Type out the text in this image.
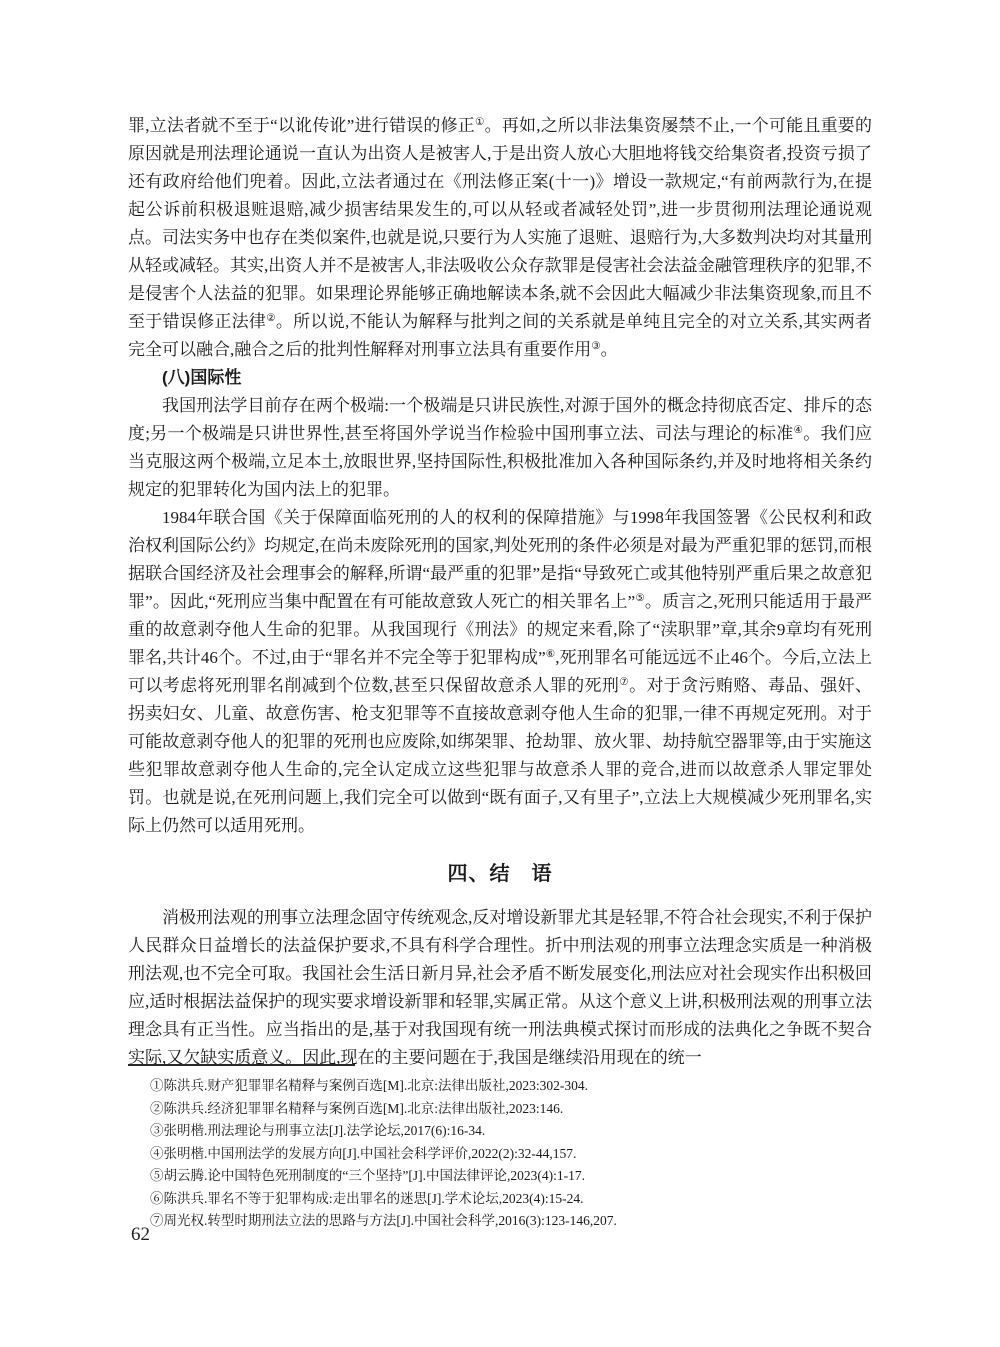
罪,立法者就不至于“以讹传讹”进行错误的修正①。再如,之所以非法集资屡禁不止,一个可能且重要的原因就是刑法理论通说一直认为出资人是被害人,于是出资人放心大胆地将钱交给集资者,投资亏损了还有政府给他们兜着。因此,立法者通过在《刑法修正案(十一)》增设一款规定,“有前两款行为,在提起公诉前积极退赃退赔,减少损害结果发生的,可以从轻或者减轻处罚”,进一步贯彻刑法理论通说观点。司法实务中也存在类似案件,也就是说,只要行为人实施了退赃、退赔行为,大多数判决均对其量刑从轻或减轻。其实,出资人并不是被害人,非法吸收公众存款罪是侵害社会法益金融管理秩序的犯罪,不是侵害个人法益的犯罪。如果理论界能够正确地解读本条,就不会因此大幅减少非法集资现象,而且不至于错误修正法律②。所以说,不能认为解释与批判之间的关系就是单纯且完全的对立关系,其实两者完全可以融合,融合之后的批判性解释对刑事立法具有重要作用③。

(八)国际性

我国刑法学目前存在两个极端:一个极端是只讲民族性,对源于国外的概念持彻底否定、排斥的态度;另一个极端是只讲世界性,甚至将国外学说当作检验中国刑事立法、司法与理论的标准④。我们应当克服这两个极端,立足本土,放眼世界,坚持国际性,积极批准加入各种国际条约,并及时地将相关条约规定的犯罪转化为国内法上的犯罪。

1984年联合国《关于保障面临死刑的人的权利的保障措施》与1998年我国签署《公民权利和政治权利国际公约》均规定,在尚未废除死刑的国家,判处死刑的条件必须是对最为严重犯罪的惩罚,而根据联合国经济及社会理事会的解释,所谓“最严重的犯罪”是指“导致死亡或其他特别严重后果之故意犯罪”。因此,“死刑应当集中配置在有可能故意致人死亡的相关罪名上”⑤。质言之,死刑只能适用于最严重的故意剥夺他人生命的犯罪。从我国现行《刑法》的规定来看,除了“渎职罪”章,其余9章均有死刑罪名,共计46个。不过,由于“罪名并不完全等于犯罪构成”⑥,死刑罪名可能远远不止46个。今后,立法上可以考虑将死刑罪名削减到个位数,甚至只保留故意杀人罪的死刑⑦。对于贪污贿赂、毒品、强奸、拐卖妇女、儿童、故意伤害、枪支犯罪等不直接故意剥夺他人生命的犯罪,一律不再规定死刑。对于可能故意剥夺他人的犯罪的死刑也应废除,如绑架罪、抢劫罪、放火罪、劫持航空器罪等,由于实施这些犯罪故意剥夺他人生命的,完全认定成立这些犯罪与故意杀人罪的竞合,进而以故意杀人罪定罪处罚。也就是说,在死刑问题上,我们完全可以做到“既有面子,又有里子”,立法上大规模减少死刑罪名,实际上仍然可以适用死刑。

四、结　语

消极刑法观的刑事立法理念固守传统观念,反对增设新罪尤其是轻罪,不符合社会现实,不利于保护人民群众日益增长的法益保护要求,不具有科学合理性。折中刑法观的刑事立法理念实质是一种消极刑法观,也不完全可取。我国社会生活日新月异,社会矛盾不断发展变化,刑法应对社会现实作出积极回应,适时根据法益保护的现实要求增设新罪和轻罪,实属正常。从这个意义上讲,积极刑法观的刑事立法理念具有正当性。应当指出的是,基于对我国现有统一刑法典模式探讨而形成的法典化之争既不契合实际,又欠缺实质意义。因此,现在的主要问题在于,我国是继续沿用现在的统一

①陈洪兵.财产犯罪罪名精释与案例百选[M].北京:法律出版社,2023:302-304.

②陈洪兵.经济犯罪罪名精释与案例百选[M].北京:法律出版社,2023:146.

③张明楷.刑法理论与刑事立法[J].法学论坛,2017(6):16-34.

④张明楷.中国刑法学的发展方向[J].中国社会科学评价,2022(2):32-44,157.

⑤胡云腾.论中国特色死刑制度的“三个坚持”[J].中国法律评论,2023(4):1-17.

⑥陈洪兵.罪名不等于犯罪构成:走出罪名的迷思[J].学术论坛,2023(4):15-24.

⑦周光权.转型时期刑法立法的思路与方法[J].中国社会科学,2016(3):123-146,207.

62
